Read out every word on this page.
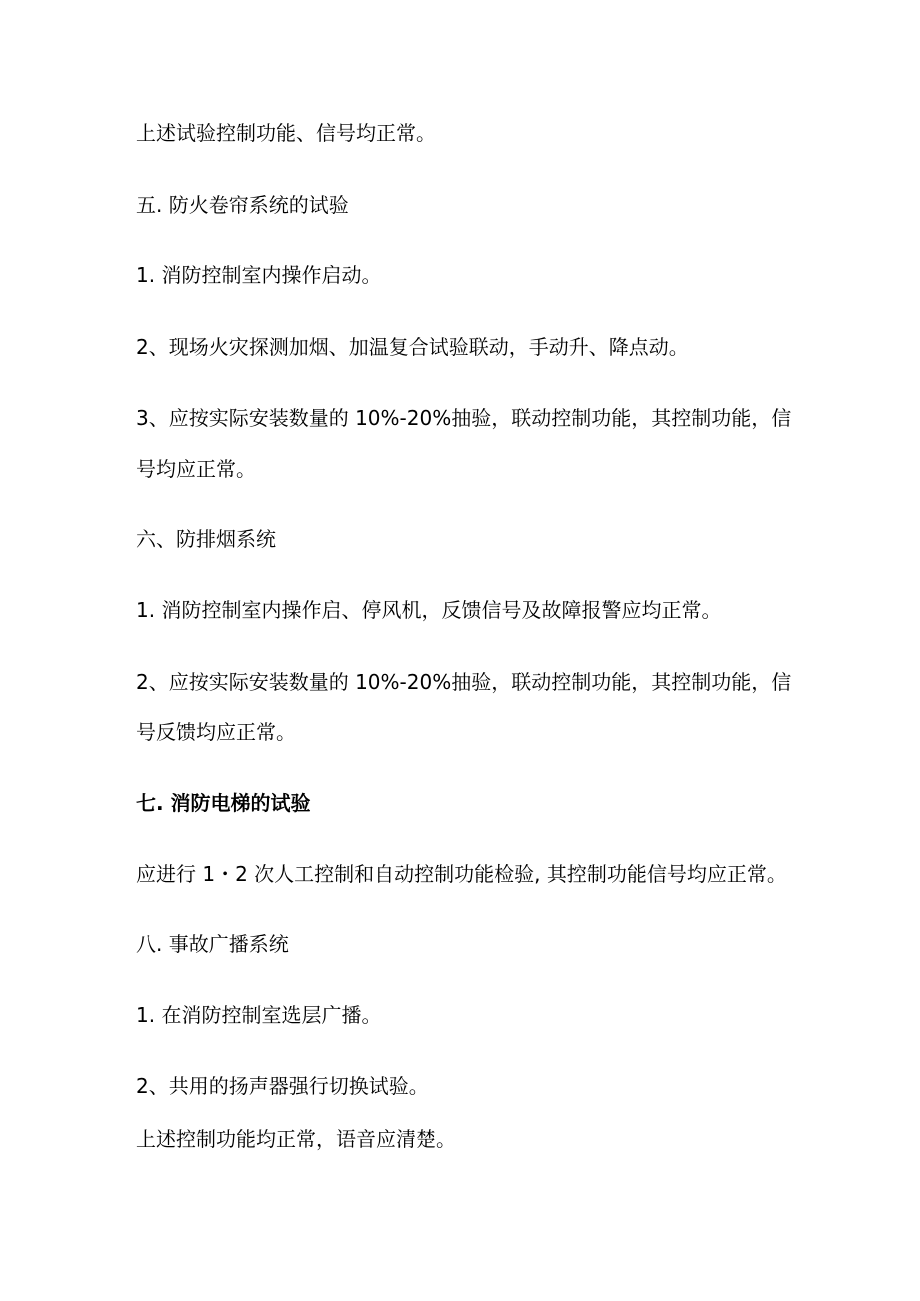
上述试验控制功能、信号均正常。

五. 防火卷帘系统的试验

1. 消防控制室内操作启动。

2、现场火灾探测加烟、加温复合试验联动，手动升、降点动。

3、应按实际安装数量的 10%-20%抽验，联动控制功能，其控制功能，信

号均应正常。

六、防排烟系统

1. 消防控制室内操作启、停风机，反馈信号及故障报警应均正常。

2、应按实际安装数量的 10%-20%抽验，联动控制功能，其控制功能，信

号反馈均应正常。

七. 消防电梯的试验

应进行 1・2 次人工控制和自动控制功能检验, 其控制功能信号均应正常。

八. 事故广播系统

1. 在消防控制室选层广播。

2、共用的扬声器强行切换试验。

上述控制功能均正常，语音应清楚。
